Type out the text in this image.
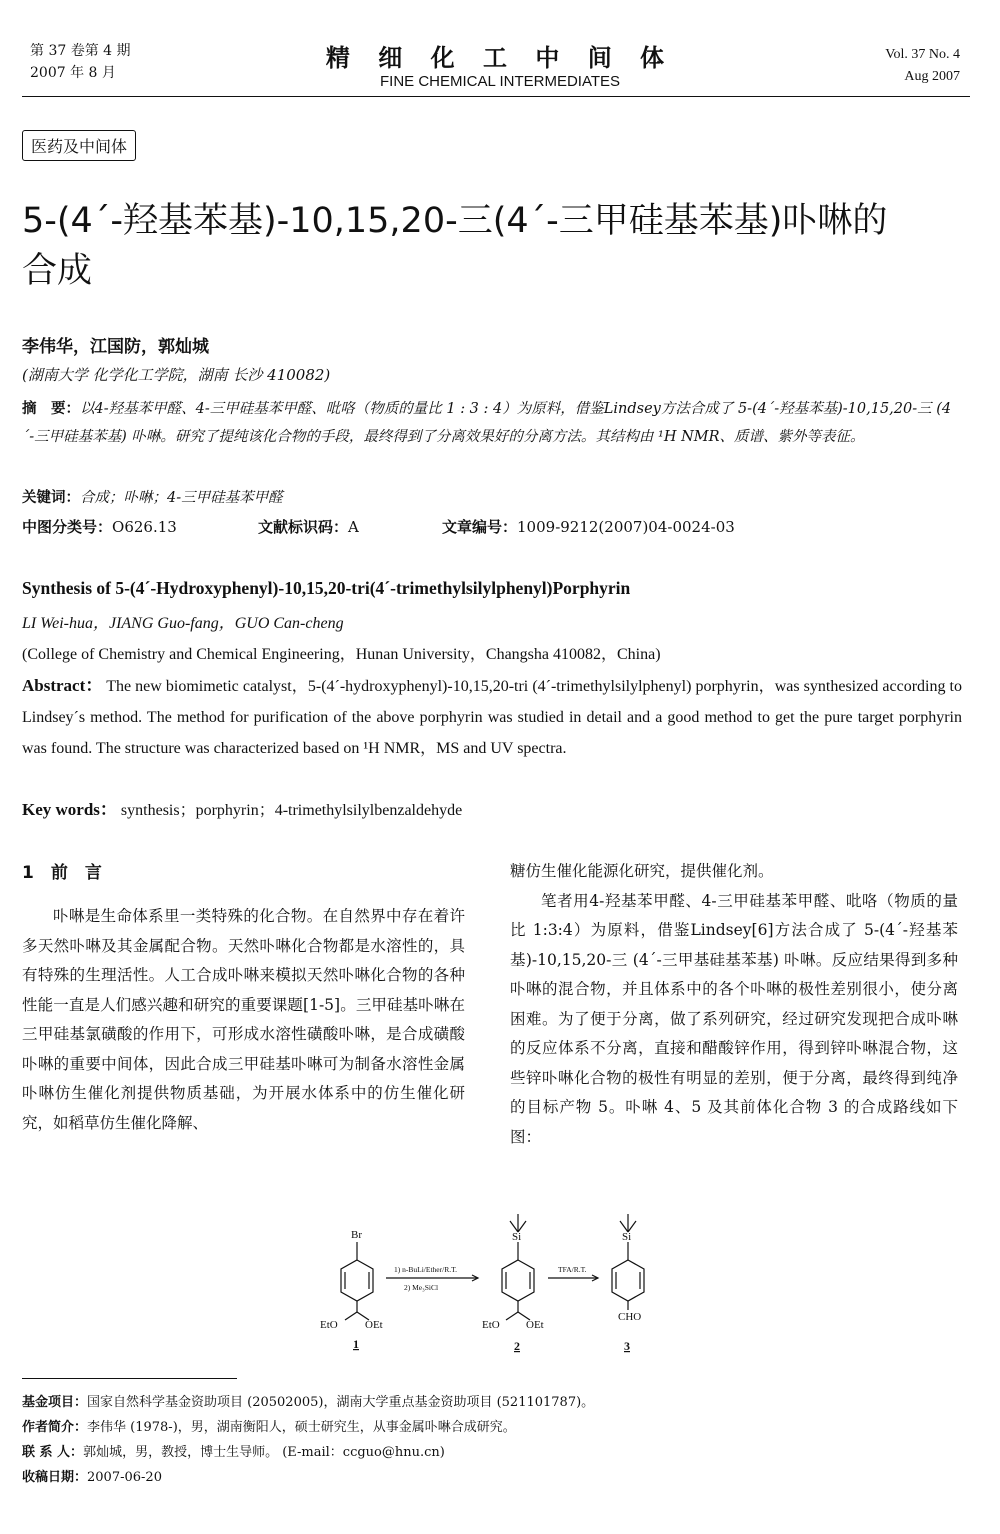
第 37 卷第 4 期
2007 年 8 月
精 细 化 工 中 间 体
FINE CHEMICAL INTERMEDIATES
Vol. 37 No. 4
Aug 2007
医药及中间体
5-(4´-羟基苯基)-10,15,20-三(4´-三甲硅基苯基)卟啉的
合成
李伟华，江国防，郭灿城
(湖南大学 化学化工学院，湖南 长沙 410082)
摘　要：以4-羟基苯甲醛、4-三甲硅基苯甲醛、吡咯（物质的量比 1 : 3 : 4）为原料，借鉴Lindsey方法合成了 5-(4´-羟基苯基)-10,15,20-三 (4´-三甲硅基苯基) 卟啉。研究了提纯该化合物的手段，最终得到了分离效果好的分离方法。其结构由 ¹H NMR、质谱、紫外等表征。
关键词：合成；卟啉；4-三甲硅基苯甲醛
中图分类号：O626.13	文献标识码：A	文章编号：1009-9212(2007)04-0024-03
Synthesis of 5-(4´-Hydroxyphenyl)-10,15,20-tri(4´-trimethylsilylphenyl)Porphyrin
LI Wei-hua，JIANG Guo-fang，GUO Can-cheng
(College of Chemistry and Chemical Engineering，Hunan University，Changsha 410082，China)
Abstract： The new biomimetic catalyst，5-(4´-hydroxyphenyl)-10,15,20-tri (4´-trimethylsilylphenyl) porphyrin，was synthesized according to Lindsey´s method. The method for purification of the above porphyrin was studied in detail and a good method to get the pure target porphyrin was found. The structure was characterized based on ¹H NMR，MS and UV spectra.
Key words： synthesis；porphyrin；4-trimethylsilylbenzaldehyde
1　前　言
卟啉是生命体系里一类特殊的化合物。在自然界中存在着许多天然卟啉及其金属配合物。天然卟啉化合物都是水溶性的，具有特殊的生理活性。人工合成卟啉来模拟天然卟啉化合物的各种性能一直是人们感兴趣和研究的重要课题[1-5]。三甲硅基卟啉在三甲硅基氯磺酸的作用下，可形成水溶性磺酸卟啉，是合成磺酸卟啉的重要中间体，因此合成三甲硅基卟啉可为制备水溶性金属卟啉仿生催化剂提供物质基础，为开展水体系中的仿生催化研究，如稻草仿生催化降解、

糖仿生催化能源化研究，提供催化剂。

笔者用4-羟基苯甲醛、4-三甲硅基苯甲醛、吡咯（物质的量比 1:3:4）为原料，借鉴Lindsey[6]方法合成了 5-(4´-羟基苯基)-10,15,20-三 (4´-三甲基硅基苯基) 卟啉。反应结果得到多种卟啉的混合物，并且体系中的各个卟啉的极性差别很小，使分离困难。为了便于分离，做了系列研究，经过研究发现把合成卟啉的反应体系不分离，直接和醋酸锌作用，得到锌卟啉混合物，这些锌卟啉化合物的极性有明显的差别，便于分离，最终得到纯净的目标产物 5。卟啉 4、5 及其前体化合物 3 的合成路线如下图：

Br
EtO OEt
Si
EtO OEt
Si
CHO
1) n-BuLi/Ether/R.T.
2) Me₃SiCl
TFA/R.T.
1	2	3
基金项目：国家自然科学基金资助项目 (20502005)，湖南大学重点基金资助项目 (521101787)。
作者简介：李伟华 (1978-)，男，湖南衡阳人，硕士研究生，从事金属卟啉合成研究。
联 系 人：郭灿城，男，教授，博士生导师。 (E-mail：ccguo@hnu.cn)
收稿日期：2007-06-20
